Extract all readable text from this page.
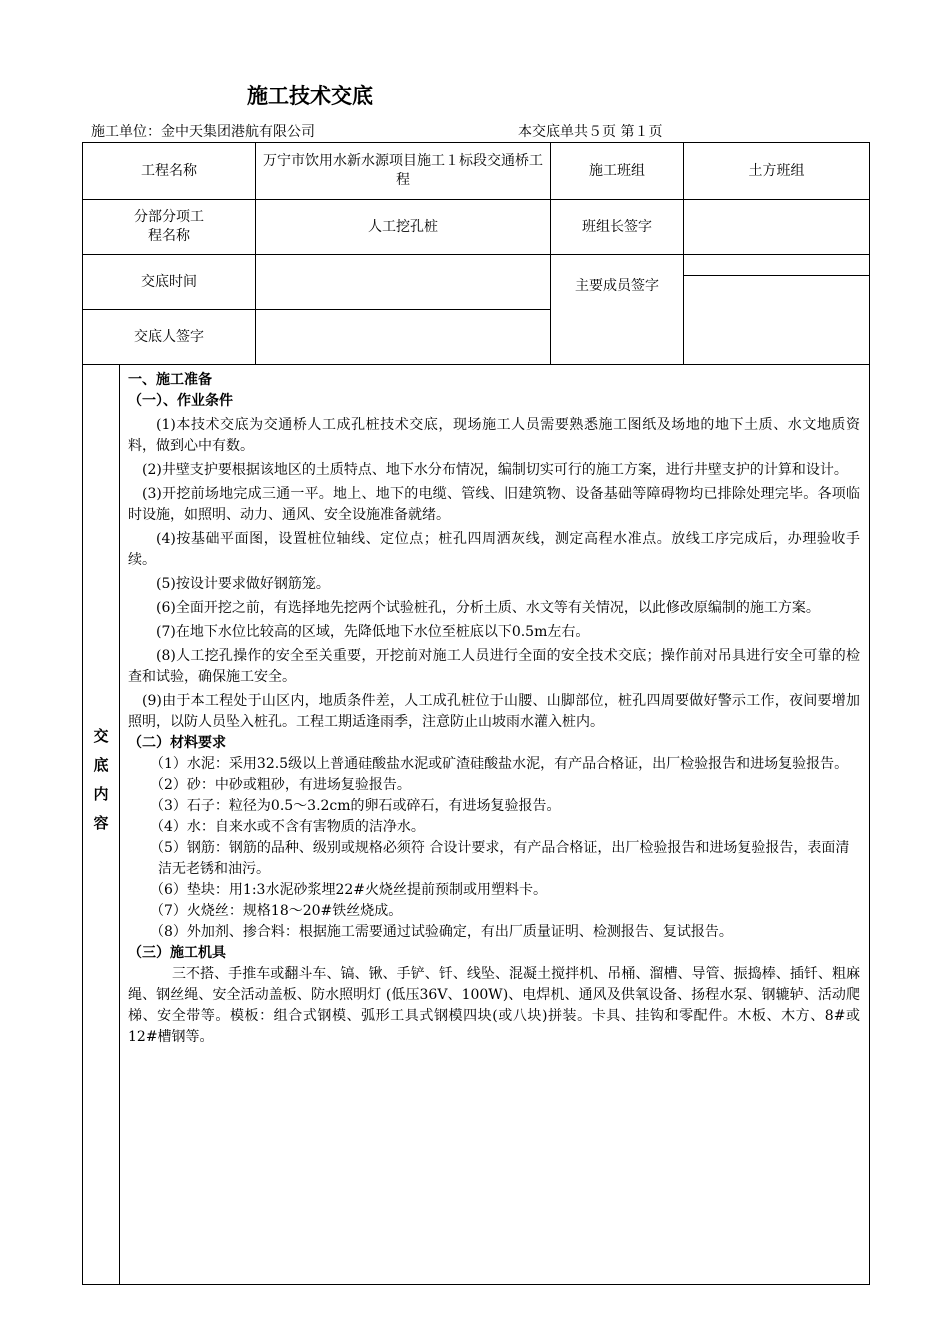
施工技术交底
施工单位：金中天集团港航有限公司	本交底单共５页 第１页
工程名称	万宁市饮用水新水源项目施工１标段交通桥工程	施工班组	土方班组
分部分项工程名称	人工挖孔桩	班组长签字	
交底时间		主要成员签字	

交底人签字			
交
底
内
容

一、施工准备

（一）、作业条件

(1)本技术交底为交通桥人工成孔桩技术交底，现场施工人员需要熟悉施工图纸及场地的地下土质、水文地质资料，做到心中有数。

(2)井壁支护要根据该地区的土质特点、地下水分布情况，编制切实可行的施工方案，进行井壁支护的计算和设计。

(3)开挖前场地完成三通一平。地上、地下的电缆、管线、旧建筑物、设备基础等障碍物均已排除处理完毕。各项临时设施，如照明、动力、通风、安全设施准备就绪。

(4)按基础平面图，设置桩位轴线、定位点；桩孔四周洒灰线，测定高程水准点。放线工序完成后，办理验收手续。

(5)按设计要求做好钢筋笼。

(6)全面开挖之前，有选择地先挖两个试验桩孔，分析土质、水文等有关情况，以此修改原编制的施工方案。

(7)在地下水位比较高的区域，先降低地下水位至桩底以下0.5m左右。

(8)人工挖孔操作的安全至关重要，开挖前对施工人员进行全面的安全技术交底；操作前对吊具进行安全可靠的检查和试验，确保施工安全。

(9)由于本工程处于山区内，地质条件差，人工成孔桩位于山腰、山脚部位，桩孔四周要做好警示工作，夜间要增加照明，以防人员坠入桩孔。工程工期适逢雨季，注意防止山坡雨水灌入桩内。

（二）材料要求

（1）水泥：采用32.5级以上普通硅酸盐水泥或矿渣硅酸盐水泥，有产品合格证，出厂检验报告和进场复验报告。

（2）砂：中砂或粗砂，有进场复验报告。

（3）石子：粒径为0.5～3.2cm的卵石或碎石，有进场复验报告。

（4）水：自来水或不含有害物质的洁净水。

（5）钢筋：钢筋的品种、级别或规格必须符 合设计要求，有产品合格证，出厂检验报告和进场复验报告，表面清洁无老锈和油污。

（6）垫块：用1:3水泥砂浆埋22#火烧丝提前预制或用塑料卡。

（7）火烧丝：规格18～20#铁丝烧成。

（8）外加剂、掺合料：根据施工需要通过试验确定，有出厂质量证明、检测报告、复试报告。

（三）施工机具

三不搭、手推车或翻斗车、镐、锹、手铲、钎、线坠、混凝土搅拌机、吊桶、溜槽、导管、振捣棒、插钎、粗麻绳、钢丝绳、安全活动盖板、防水照明灯 (低压36V、100W)、电焊机、通风及供氧设备、扬程水泵、钢辘轳、活动爬梯、安全带等。模板：组合式钢模、弧形工具式钢模四块(或八块)拼装。卡具、挂钩和零配件。木板、木方、8#或12#槽钢等。
